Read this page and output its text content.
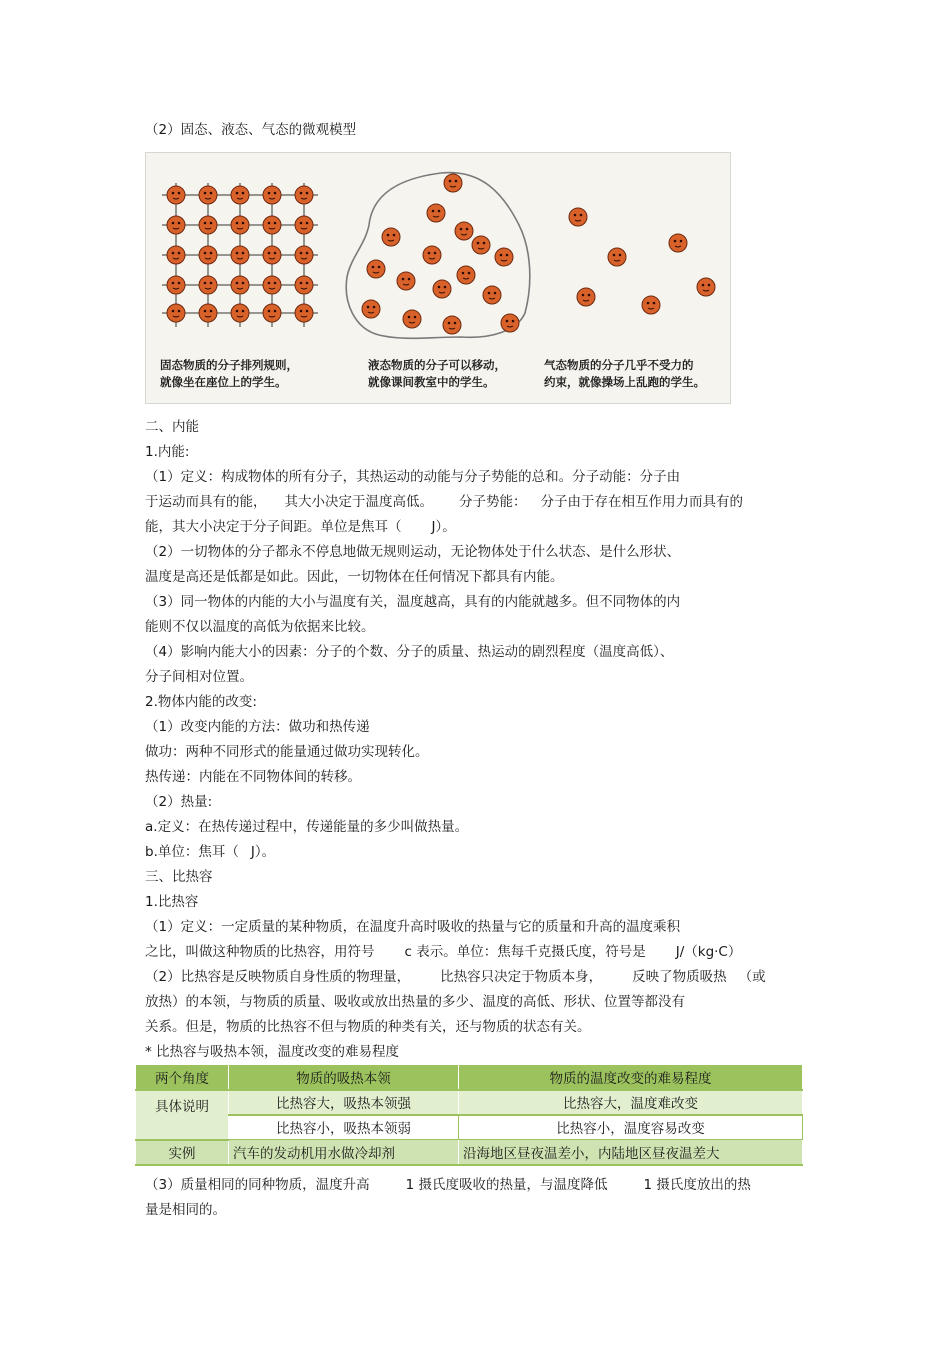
（2）固态、液态、气态的微观模型
固态物质的分子排列规则，
就像坐在座位上的学生。
液态物质的分子可以移动，
就像课间教室中的学生。
气态物质的分子几乎不受力的
约束，就像操场上乱跑的学生。
二、内能
1.内能:
（1）定义：构成物体的所有分子，其热运动的动能与分子势能的总和。分子动能：分子由
于运动而具有的能， 其大小决定于温度高低。 分子势能： 分子由于存在相互作用力而具有的
能，其大小决定于分子间距。单位是焦耳（ J）。
（2）一切物体的分子都永不停息地做无规则运动，无论物体处于什么状态、是什么形状、
温度是高还是低都是如此。因此，一切物体在任何情况下都具有内能。
（3）同一物体的内能的大小与温度有关，温度越高，具有的内能就越多。但不同物体的内
能则不仅以温度的高低为依据来比较。
（4）影响内能大小的因素：分子的个数、分子的质量、热运动的剧烈程度（温度高低）、
分子间相对位置。
2.物体内能的改变:
（1）改变内能的方法：做功和热传递
做功：两种不同形式的能量通过做功实现转化。
热传递：内能在不同物体间的转移。
（2）热量:
a.定义：在热传递过程中，传递能量的多少叫做热量。
b.单位：焦耳（ J）。
三、比热容
1.比热容
（1）定义：一定质量的某种物质，在温度升高时吸收的热量与它的质量和升高的温度乘积
之比，叫做这种物质的比热容，用符号 c 表示。单位：焦每千克摄氏度，符号是 J/（kg·C）
（2）比热容是反映物质自身性质的物理量， 比热容只决定于物质本身， 反映了物质吸热 （或
放热）的本领，与物质的质量、吸收或放出热量的多少、温度的高低、形状、位置等都没有
关系。但是，物质的比热容不但与物质的种类有关，还与物质的状态有关。
* 比热容与吸热本领，温度改变的难易程度
两个角度	物质的吸热本领	物质的温度改变的难易程度
具体说明	比热容大，吸热本领强	比热容大，温度难改变
	比热容小，吸热本领弱	比热容小，温度容易改变
实例	汽车的发动机用水做冷却剂	沿海地区昼夜温差小，内陆地区昼夜温差大
（3）质量相同的同种物质，温度升高	1 摄氏度吸收的热量，与温度降低	1 摄氏度放出的热
量是相同的。
